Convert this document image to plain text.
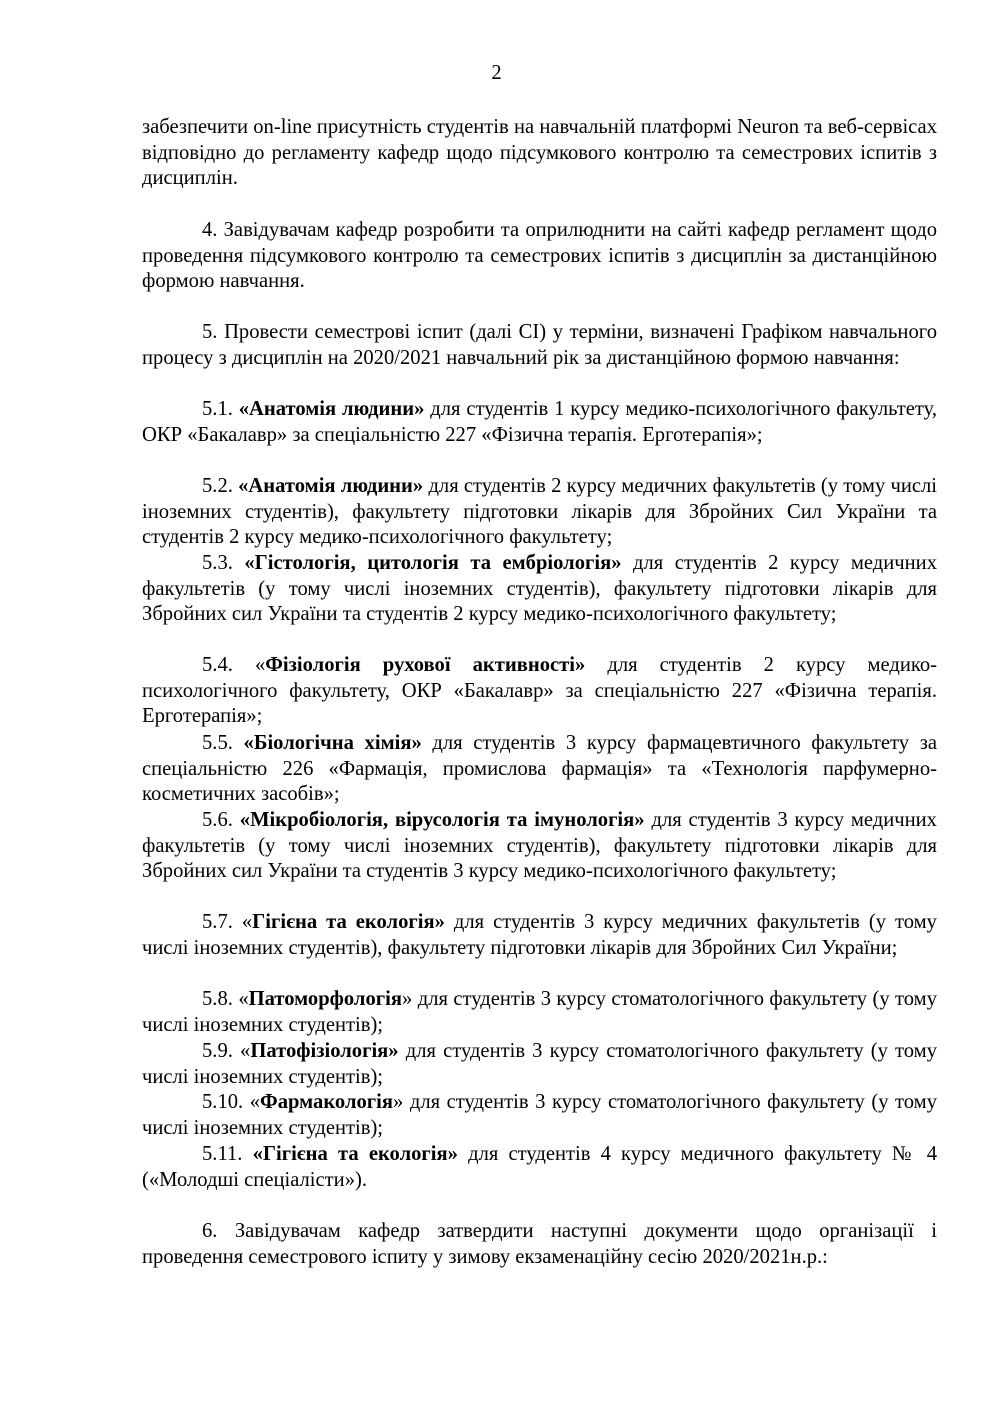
2
забезпечити on-line присутність студентів на навчальній платформі Neuron та веб-сервісах відповідно до регламенту кафедр щодо підсумкового контролю та семестрових іспитів з дисциплін.
4. Завідувачам кафедр розробити та оприлюднити на сайті кафедр регламент щодо проведення підсумкового контролю та семестрових іспитів з дисциплін за дистанційною формою навчання.
5. Провести семестрові іспит (далі СІ) у терміни, визначені Графіком навчального процесу з дисциплін на 2020/2021 навчальний рік за дистанційною формою навчання:
5.1. «Анатомія людини» для студентів 1 курсу медико-психологічного факультету, ОКР «Бакалавр» за спеціальністю 227 «Фізична терапія. Ерготерапія»;
5.2. «Анатомія людини» для студентів 2 курсу медичних факультетів (у тому числі іноземних студентів), факультету підготовки лікарів для Збройних Сил України та студентів 2 курсу медико-психологічного факультету;
5.3. «Гістологія, цитологія та ембріологія» для студентів 2 курсу медичних факультетів (у тому числі іноземних студентів), факультету підготовки лікарів для Збройних сил України та студентів 2 курсу медико-психологічного факультету;
5.4. «Фізіологія рухової активності» для студентів 2 курсу медико-психологічного факультету, ОКР «Бакалавр» за спеціальністю 227 «Фізична терапія. Ерготерапія»;
5.5. «Біологічна хімія» для студентів 3 курсу фармацевтичного факультету за спеціальністю 226 «Фармація, промислова фармація» та «Технологія парфумерно-косметичних засобів»;
5.6. «Мікробіологія, вірусологія та імунологія» для студентів 3 курсу медичних факультетів (у тому числі іноземних студентів), факультету підготовки лікарів для Збройних сил України та студентів 3 курсу медико-психологічного факультету;
5.7. «Гігієна та екологія» для студентів 3 курсу медичних факультетів (у тому числі іноземних студентів), факультету підготовки лікарів для Збройних Сил України;
5.8. «Патоморфологія» для студентів 3 курсу стоматологічного факультету (у тому числі іноземних студентів);
5.9. «Патофізіологія» для студентів 3 курсу стоматологічного факультету (у тому числі іноземних студентів);
5.10. «Фармакологія» для студентів 3 курсу стоматологічного факультету (у тому числі іноземних студентів);
5.11. «Гігієна та екологія» для студентів 4 курсу медичного факультету № 4 («Молодші спеціалісти»).
6. Завідувачам кафедр затвердити наступні документи щодо організації і проведення семестрового іспиту у зимову екзаменаційну сесію 2020/2021н.р.:
